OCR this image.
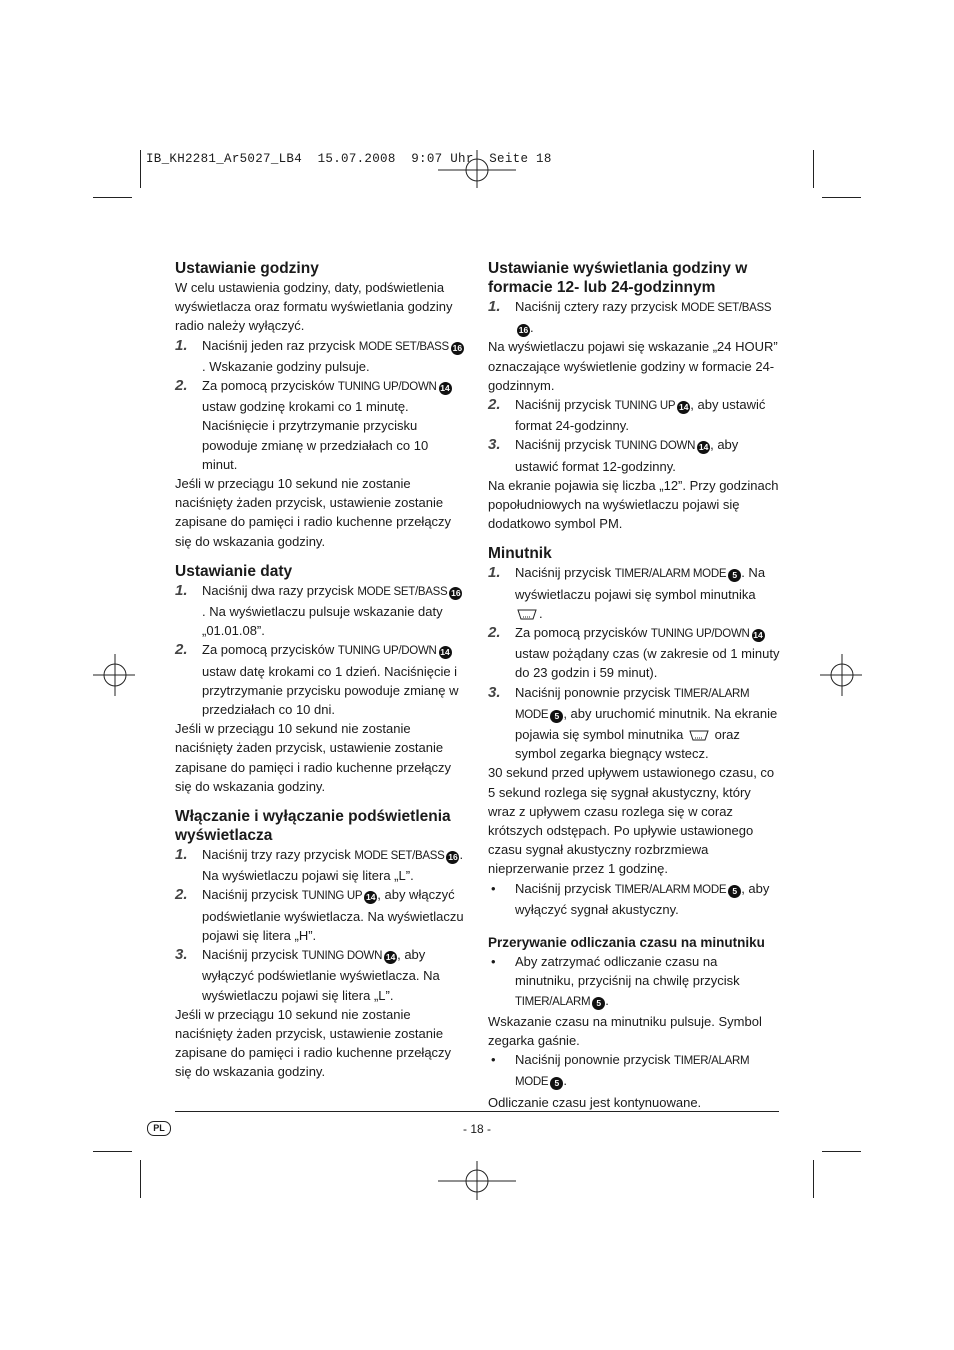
IB_KH2281_Ar5027_LB4  15.07.2008  9:07 Uhr  Seite 18
Ustawianie godziny

W celu ustawienia godziny, daty, podświetlenia wyświetlacza oraz formatu wyświetlania godziny radio należy wyłączyć.

1. Naciśnij jeden raz przycisk MODE SET/BASS 16. Wskazanie godziny pulsuje.
2. Za pomocą przycisków TUNING UP/DOWN 14 ustaw godzinę krokami co 1 minutę. Naciśnięcie i przytrzymanie przycisku powoduje zmianę w przedziałach co 10 minut.

Jeśli w przeciągu 10 sekund nie zostanie naciśnięty żaden przycisk, ustawienie zostanie zapisane do pamięci i radio kuchenne przełączy się do wskazania godziny.

Ustawianie daty
1. Naciśnij dwa razy przycisk MODE SET/BASS 16. Na wyświetlaczu pulsuje wskazanie daty „01.01.08”.
2. Za pomocą przycisków TUNING UP/DOWN 14 ustaw datę krokami co 1 dzień. Naciśnięcie i przytrzymanie przycisku powoduje zmianę w przedziałach co 10 dni.

Jeśli w przeciągu 10 sekund nie zostanie naciśnięty żaden przycisk, ustawienie zostanie zapisane do pamięci i radio kuchenne przełączy się do wskazania godziny.

Włączanie i wyłączanie podświetlenia wyświetlacza
1. Naciśnij trzy razy przycisk MODE SET/BASS 16 . Na wyświetlaczu pojawi się litera „L”.
2. Naciśnij przycisk TUNING UP 14 , aby włączyć podświetlanie wyświetlacza. Na wyświetlaczu pojawi się litera „H”.
3. Naciśnij przycisk TUNING DOWN 14 , aby wyłączyć podświetlanie wyświetlacza. Na wyświetlaczu pojawi się litera „L”.

Jeśli w przeciągu 10 sekund nie zostanie naciśnięty żaden przycisk, ustawienie zostanie zapisane do pamięci i radio kuchenne przełączy się do wskazania godziny.

Ustawianie wyświetlania godziny w formacie 12- lub 24-godzinnym
1. Naciśnij cztery razy przycisk MODE SET/BASS16 .

Na wyświetlaczu pojawi się wskazanie „24 HOUR” oznaczające wyświetlenie godziny w formacie 24-godzinnym.

2. Naciśnij przycisk TUNING UP 14 , aby ustawić format 24-godzinny.
3. Naciśnij przycisk TUNING DOWN 14 , aby ustawić format 12-godzinny.

Na ekranie pojawia się liczba „12”. Przy godzinach popołudniowych na wyświetlaczu pojawi się dodatkowo symbol PM.

Minutnik
1. Naciśnij przycisk TIMER/ALARM MODE 5 . Na wyświetlaczu pojawi się symbol minutnika .
2. Za pomocą przycisków TUNING UP/DOWN 14 ustaw pożądany czas (w zakresie od 1 minuty do 23 godzin i 59 minut).
3. Naciśnij ponownie przycisk TIMER/ALARM MODE 5 , aby uruchomić minutnik. Na ekranie pojawia się symbol minutnika oraz symbol zegarka biegnący wstecz.

30 sekund przed upływem ustawionego czasu, co 5 sekund rozlega się sygnał akustyczny, który wraz z upływem czasu rozlega się w coraz krótszych odstępach. Po upływie ustawionego czasu sygnał akustyczny rozbrzmiewa nieprzerwanie przez 1 godzinę.

• Naciśnij przycisk TIMER/ALARM MODE 5 , aby wyłączyć sygnał akustyczny.
Przerywanie odliczania czasu na minutniku
• Aby zatrzymać odliczanie czasu na minutniku, przyciśnij na chwilę przycisk TIMER/ALARM 5 .

Wskazanie czasu na minutniku pulsuje. Symbol zegarka gaśnie.

• Naciśnij ponownie przycisk TIMER/ALARM MODE 5 .

Odliczanie czasu jest kontynuowane.

PL	- 18 -
